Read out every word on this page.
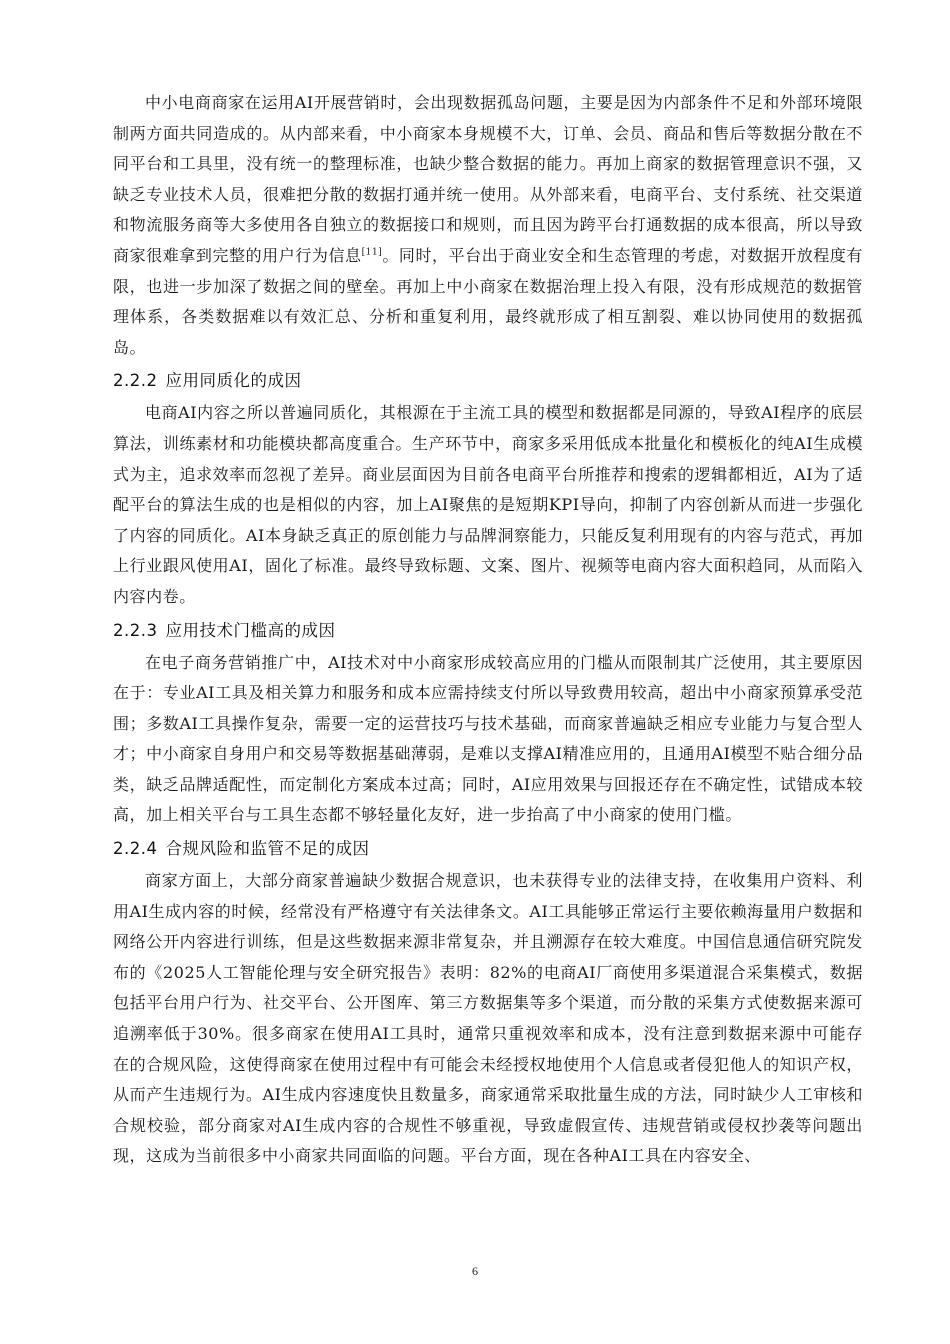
中小电商商家在运用AI开展营销时，会出现数据孤岛问题，主要是因为内部条件不足和外部环境限制两方面共同造成的。从内部来看，中小商家本身规模不大，订单、会员、商品和售后等数据分散在不同平台和工具里，没有统一的整理标准，也缺少整合数据的能力。再加上商家的数据管理意识不强，又缺乏专业技术人员，很难把分散的数据打通并统一使用。从外部来看，电商平台、支付系统、社交渠道和物流服务商等大多使用各自独立的数据接口和规则，而且因为跨平台打通数据的成本很高，所以导致商家很难拿到完整的用户行为信息[11]。同时，平台出于商业安全和生态管理的考虑，对数据开放程度有限，也进一步加深了数据之间的壁垒。再加上中小商家在数据治理上投入有限，没有形成规范的数据管理体系，各类数据难以有效汇总、分析和重复利用，最终就形成了相互割裂、难以协同使用的数据孤岛。

2.2.2 应用同质化的成因

电商AI内容之所以普遍同质化，其根源在于主流工具的模型和数据都是同源的，导致AI程序的底层算法，训练素材和功能模块都高度重合。生产环节中，商家多采用低成本批量化和模板化的纯AI生成模式为主，追求效率而忽视了差异。商业层面因为目前各电商平台所推荐和搜索的逻辑都相近，AI为了适配平台的算法生成的也是相似的内容，加上AI聚焦的是短期KPI导向，抑制了内容创新从而进一步强化了内容的同质化。AI本身缺乏真正的原创能力与品牌洞察能力，只能反复利用现有的内容与范式，再加上行业跟风使用AI，固化了标准。最终导致标题、文案、图片、视频等电商内容大面积趋同，从而陷入内容内卷。

2.2.3 应用技术门槛高的成因

在电子商务营销推广中，AI技术对中小商家形成较高应用的门槛从而限制其广泛使用，其主要原因在于：专业AI工具及相关算力和服务和成本应需持续支付所以导致费用较高，超出中小商家预算承受范围；多数AI工具操作复杂，需要一定的运营技巧与技术基础，而商家普遍缺乏相应专业能力与复合型人才；中小商家自身用户和交易等数据基础薄弱，是难以支撑AI精准应用的，且通用AI模型不贴合细分品类，缺乏品牌适配性，而定制化方案成本过高；同时，AI应用效果与回报还存在不确定性，试错成本较高，加上相关平台与工具生态都不够轻量化友好，进一步抬高了中小商家的使用门槛。

2.2.4 合规风险和监管不足的成因

商家方面上，大部分商家普遍缺少数据合规意识，也未获得专业的法律支持，在收集用户资料、利用AI生成内容的时候，经常没有严格遵守有关法律条文。AI工具能够正常运行主要依赖海量用户数据和网络公开内容进行训练，但是这些数据来源非常复杂，并且溯源存在较大难度。中国信息通信研究院发布的《2025人工智能伦理与安全研究报告》表明：82%的电商AI厂商使用多渠道混合采集模式，数据包括平台用户行为、社交平台、公开图库、第三方数据集等多个渠道，而分散的采集方式使数据来源可追溯率低于30%。很多商家在使用AI工具时，通常只重视效率和成本，没有注意到数据来源中可能存在的合规风险，这使得商家在使用过程中有可能会未经授权地使用个人信息或者侵犯他人的知识产权，从而产生违规行为。AI生成内容速度快且数量多，商家通常采取批量生成的方法，同时缺少人工审核和合规校验，部分商家对AI生成内容的合规性不够重视，导致虚假宣传、违规营销或侵权抄袭等问题出现，这成为当前很多中小商家共同面临的问题。平台方面，现在各种AI工具在内容安全、

6
